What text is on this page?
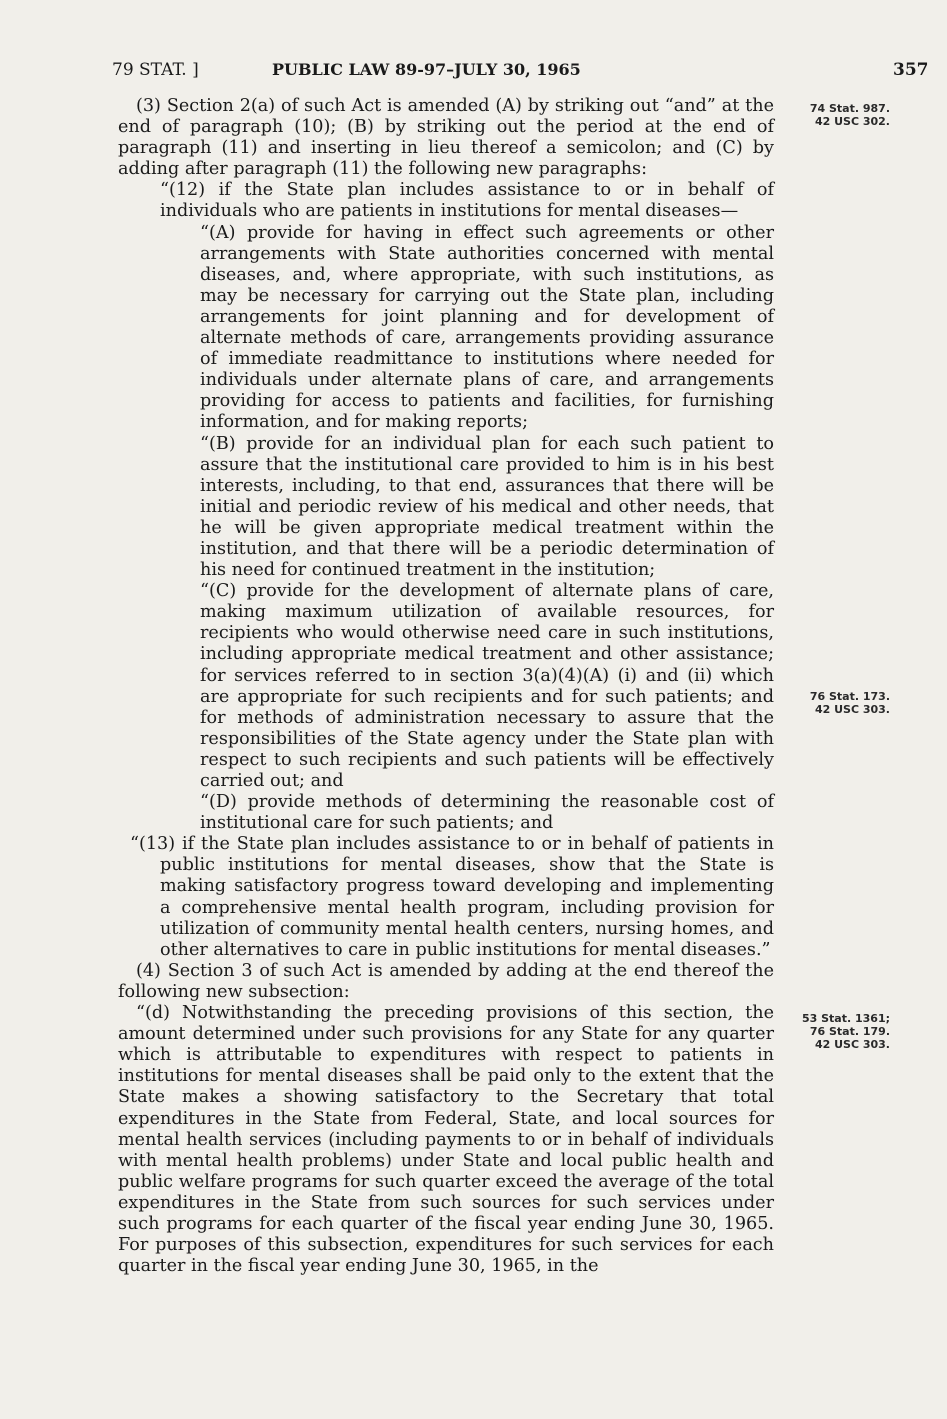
79 STAT. ]	PUBLIC LAW 89-97–JULY 30, 1965	357

(3) Section 2(a) of such Act is amended (A) by striking out “and” at the end of paragraph (10); (B) by striking out the period at the end of paragraph (11) and inserting in lieu thereof a semicolon; and (C) by adding after paragraph (11) the following new paragraphs:

“(12) if the State plan includes assistance to or in behalf of individuals who are patients in institutions for mental diseases—

“(A) provide for having in effect such agreements or other arrangements with State authorities concerned with mental diseases, and, where appropriate, with such institutions, as may be necessary for carrying out the State plan, including arrangements for joint planning and for development of alternate methods of care, arrangements providing assurance of immediate readmittance to institutions where needed for individuals under alternate plans of care, and arrangements providing for access to patients and facilities, for furnishing information, and for making reports;

“(B) provide for an individual plan for each such patient to assure that the institutional care provided to him is in his best interests, including, to that end, assurances that there will be initial and periodic review of his medical and other needs, that he will be given appropriate medical treatment within the institution, and that there will be a periodic determination of his need for continued treatment in the institution;

“(C) provide for the development of alternate plans of care, making maximum utilization of available resources, for recipients who would otherwise need care in such institutions, including appropriate medical treatment and other assistance; for services referred to in section 3(a)(4)(A) (i) and (ii) which are appropriate for such recipients and for such patients; and for methods of administration necessary to assure that the responsibilities of the State agency under the State plan with respect to such recipients and such patients will be effectively carried out; and

“(D) provide methods of determining the reasonable cost of institutional care for such patients; and

“(13) if the State plan includes assistance to or in behalf of patients in public institutions for mental diseases, show that the State is making satisfactory progress toward developing and implementing a comprehensive mental health program, including provision for utilization of community mental health centers, nursing homes, and other alternatives to care in public institutions for mental diseases.”

(4) Section 3 of such Act is amended by adding at the end thereof the following new subsection:

“(d) Notwithstanding the preceding provisions of this section, the amount determined under such provisions for any State for any quarter which is attributable to expenditures with respect to patients in institutions for mental diseases shall be paid only to the extent that the State makes a showing satisfactory to the Secretary that total expenditures in the State from Federal, State, and local sources for mental health services (including payments to or in behalf of individuals with mental health problems) under State and local public health and public welfare programs for such quarter exceed the average of the total expenditures in the State from such sources for such services under such programs for each quarter of the fiscal year ending June 30, 1965. For purposes of this subsection, expenditures for such services for each quarter in the fiscal year ending June 30, 1965, in the

74 Stat. 987.
42 USC 302.
76 Stat. 173.
42 USC 303.
53 Stat. 1361;
76 Stat. 179.
42 USC 303.
